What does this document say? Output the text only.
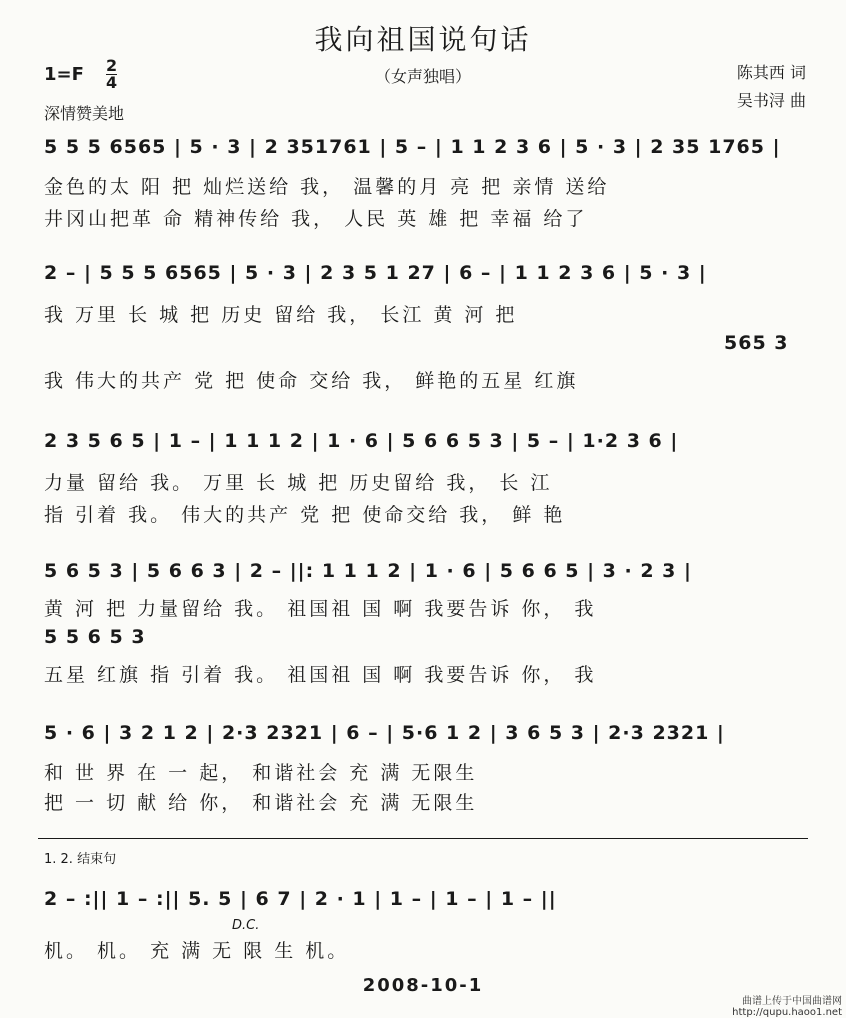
我向祖国说句话
（女声独唱）
1=F 2
4
深情赞美地
陈其西 词
吴书浔 曲
5 5 5 6565 | 5 · 3 | 2 351761 | 5 – | 1 1 2 3 6 | 5 · 3 | 2 35 1765 |
金色的太 阳 把 灿烂送给 我， 温馨的月 亮 把 亲情 送给
井冈山把革 命 精神传给 我， 人民 英 雄 把 幸福 给了
2 – | 5 5 5 6565 | 5 · 3 | 2 3 5 1 27 | 6 – | 1 1 2 3 6 | 5 · 3 |
我 万里 长 城 把 历史 留给 我， 长江 黄 河 把
565 3
我 伟大的共产 党 把 使命 交给 我， 鲜艳的五星 红旗
2 3 5 6 5 | 1 – | 1 1 1 2 | 1 · 6 | 5 6 6 5 3 | 5 – | 1·2 3 6 |
力量 留给 我。 万里 长 城 把 历史留给 我， 长 江
指 引着 我。 伟大的共产 党 把 使命交给 我， 鲜 艳
5 6 5 3 | 5 6 6 3 | 2 – ||: 1 1 1 2 | 1 · 6 | 5 6 6 5 | 3 · 2 3 |
黄 河 把 力量留给 我。 祖国祖 国 啊 我要告诉 你， 我
5 5 6 5 3
五星 红旗 指 引着 我。 祖国祖 国 啊 我要告诉 你， 我
5 · 6 | 3 2 1 2 | 2·3 2321 | 6 – | 5·6 1 2 | 3 6 5 3 | 2·3 2321 |
和 世 界 在 一 起， 和谐社会 充 满 无限生
把 一 切 献 给 你， 和谐社会 充 满 无限生
1. 2. 结束句
2 – :|| 1 – :|| 5. 5 | 6 7 | 2 · 1 | 1 – | 1 – | 1 – ||
D.C.
机。 机。 充 满 无 限 生 机。
2008-10-1
曲谱上传于中国曲谱网
http://qupu.haoo1.net
